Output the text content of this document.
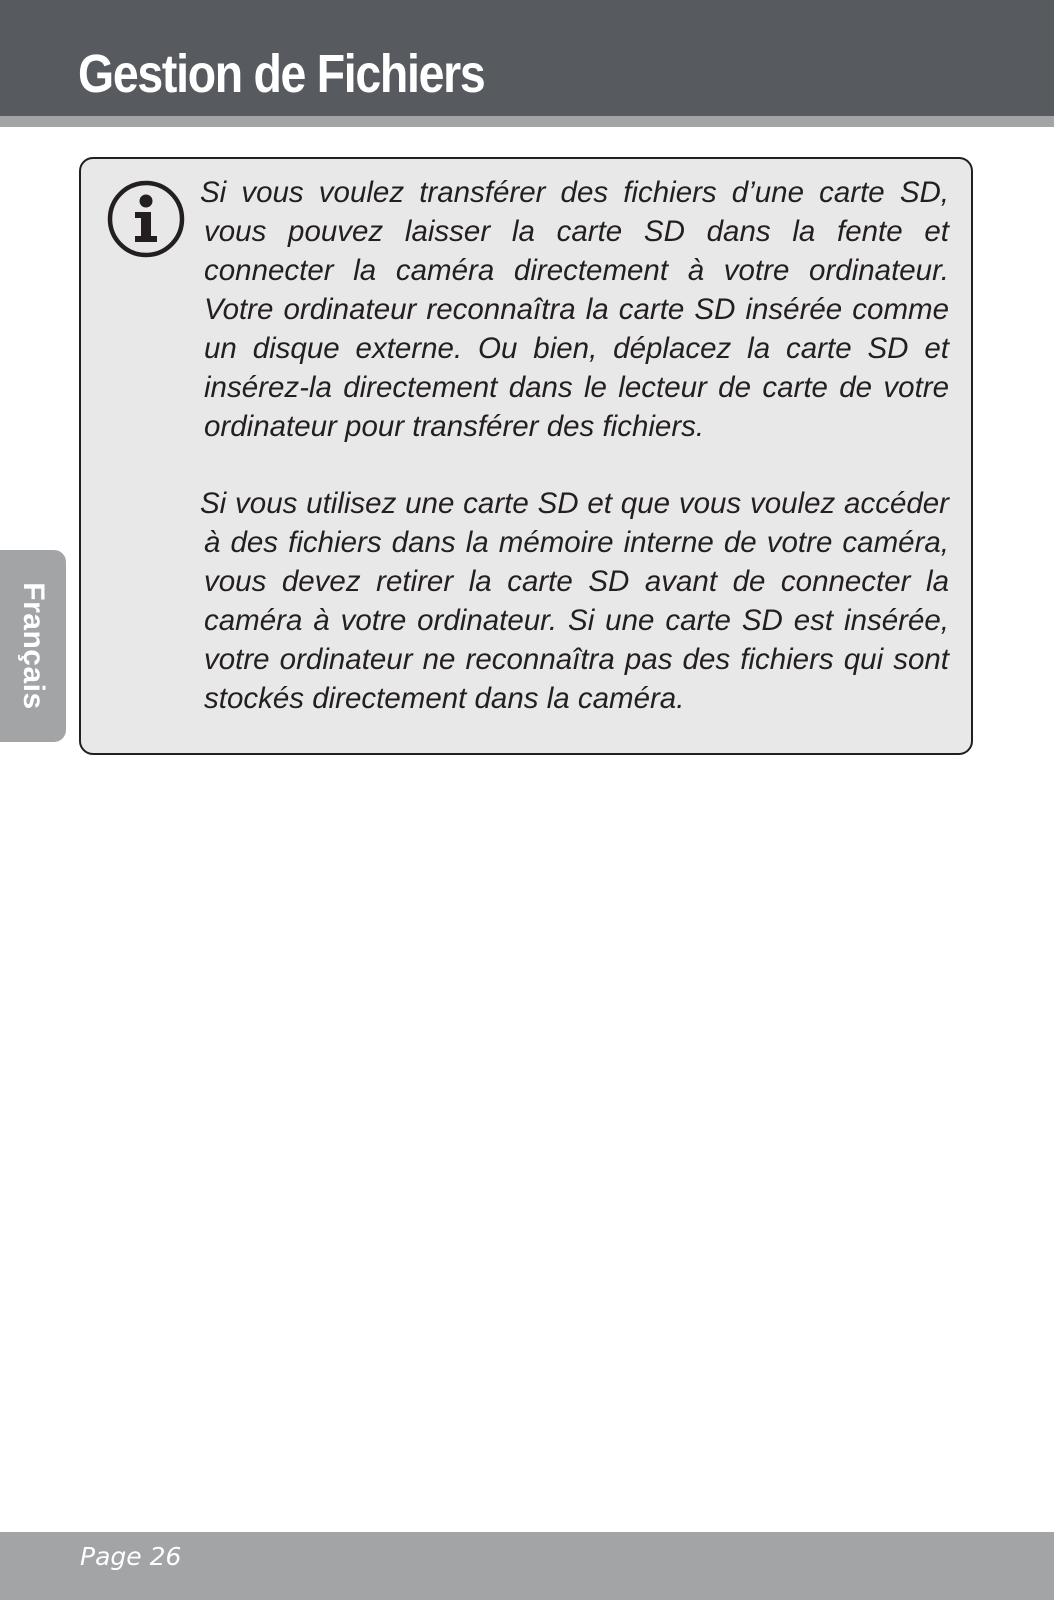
Gestion de Fichiers

Si vous voulez transférer des fichiers d’une carte SD, vous pouvez laisser la carte SD dans la fente et connecter la caméra directement à votre ordinateur. Votre ordinateur reconnaîtra la carte SD insérée comme un disque externe. Ou bien, déplacez la carte SD et insérez-la directement dans le lecteur de carte de votre ordinateur pour transférer des fichiers.

Si vous utilisez une carte SD et que vous voulez accéder à des fichiers dans la mémoire interne de votre caméra, vous devez retirer la carte SD avant de connecter la caméra à votre ordinateur. Si une carte SD est insérée, votre ordinateur ne reconnaîtra pas des fichiers qui sont stockés directement dans la caméra.

Français
Page 26
